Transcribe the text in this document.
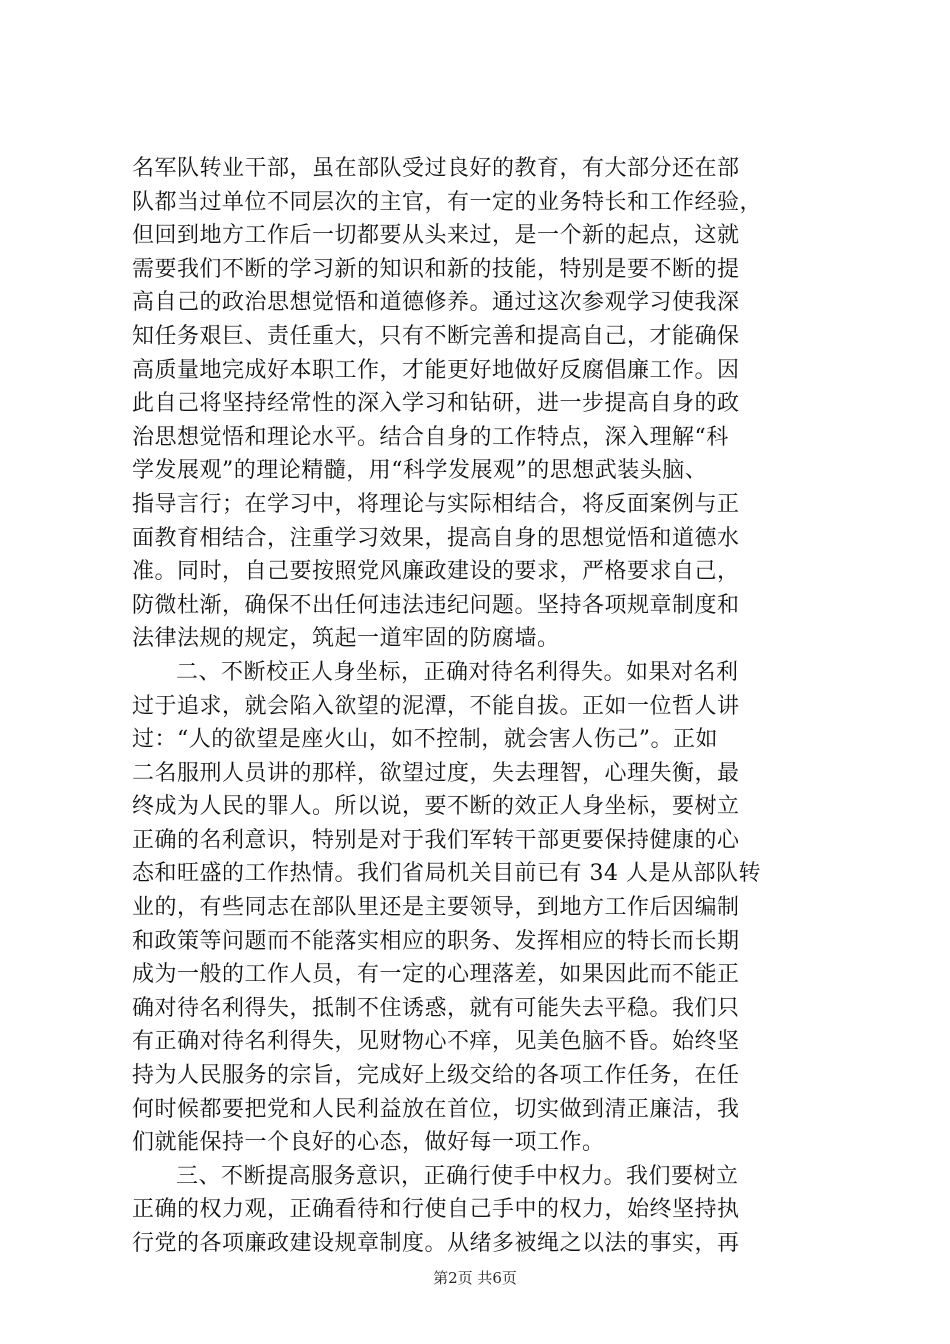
名军队转业干部，虽在部队受过良好的教育，有大部分还在部
队都当过单位不同层次的主官，有一定的业务特长和工作经验，
但回到地方工作后一切都要从头来过，是一个新的起点，这就
需要我们不断的学习新的知识和新的技能，特别是要不断的提
高自己的政治思想觉悟和道德修养。通过这次参观学习使我深
知任务艰巨、责任重大，只有不断完善和提高自己，才能确保
高质量地完成好本职工作，才能更好地做好反腐倡廉工作。因
此自己将坚持经常性的深入学习和钻研，进一步提高自身的政
治思想觉悟和理论水平。结合自身的工作特点，深入理解“科
学发展观”的理论精髓，用“科学发展观”的思想武装头脑、
指导言行；在学习中，将理论与实际相结合，将反面案例与正
面教育相结合，注重学习效果，提高自身的思想觉悟和道德水
准。同时，自己要按照党风廉政建设的要求，严格要求自己，
防微杜渐，确保不出任何违法违纪问题。坚持各项规章制度和
法律法规的规定，筑起一道牢固的防腐墙。
二、不断校正人身坐标，正确对待名利得失。如果对名利
过于追求，就会陷入欲望的泥潭，不能自拔。正如一位哲人讲
过：“人的欲望是座火山，如不控制，就会害人伤己”。正如
二名服刑人员讲的那样，欲望过度，失去理智，心理失衡，最
终成为人民的罪人。所以说，要不断的效正人身坐标，要树立
正确的名利意识，特别是对于我们军转干部更要保持健康的心
态和旺盛的工作热情。我们省局机关目前已有 34 人是从部队转
业的，有些同志在部队里还是主要领导，到地方工作后因编制
和政策等问题而不能落实相应的职务、发挥相应的特长而长期
成为一般的工作人员，有一定的心理落差，如果因此而不能正
确对待名利得失，抵制不住诱惑，就有可能失去平稳。我们只
有正确对待名利得失，见财物心不痒，见美色脑不昏。始终坚
持为人民服务的宗旨，完成好上级交给的各项工作任务，在任
何时候都要把党和人民利益放在首位，切实做到清正廉洁，我
们就能保持一个良好的心态，做好每一项工作。
三、不断提高服务意识，正确行使手中权力。我们要树立
正确的权力观，正确看待和行使自己手中的权力，始终坚持执
行党的各项廉政建设规章制度。从绪多被绳之以法的事实，再
第2页 共6页
